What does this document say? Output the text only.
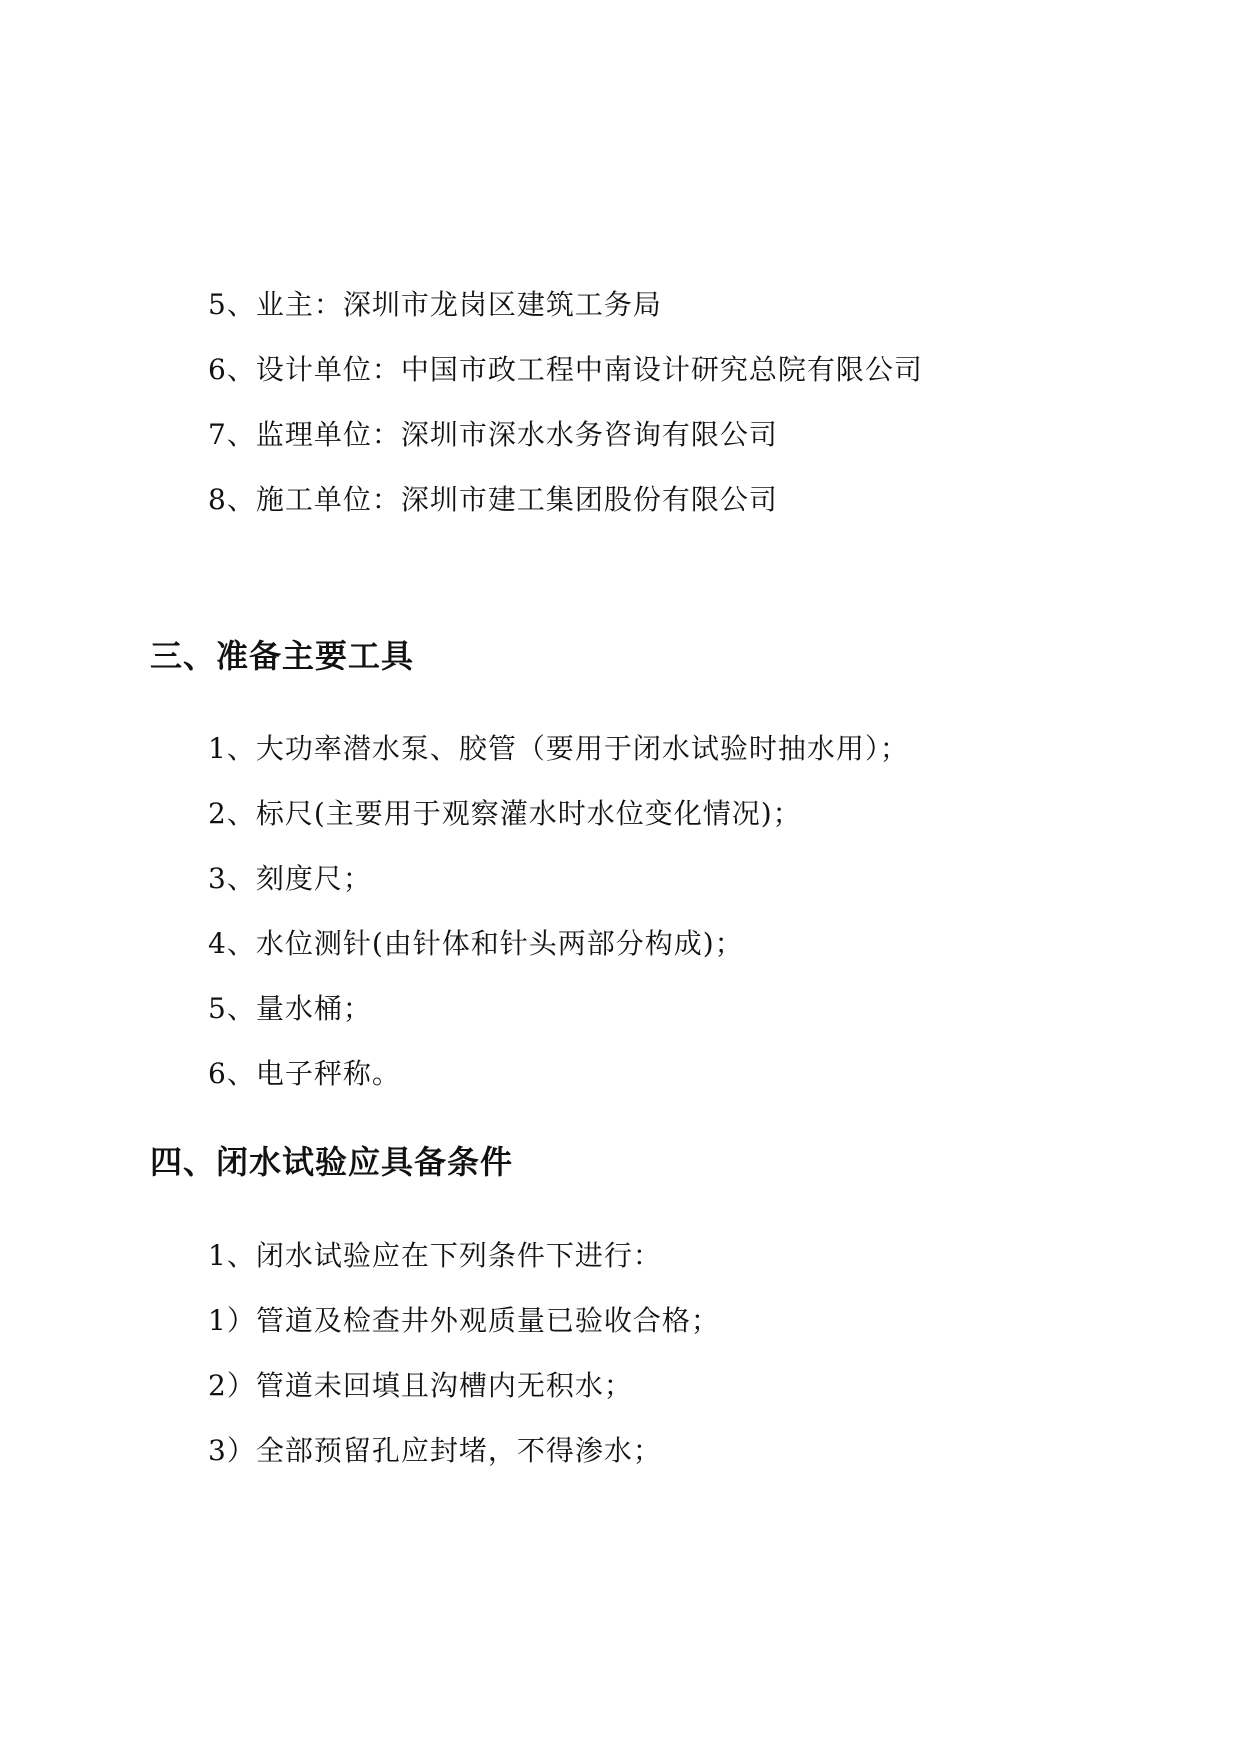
5、业主：深圳市龙岗区建筑工务局
6、设计单位：中国市政工程中南设计研究总院有限公司
7、监理单位：深圳市深水水务咨询有限公司
8、施工单位：深圳市建工集团股份有限公司
三、准备主要工具
1、大功率潜水泵、胶管（要用于闭水试验时抽水用）；
2、标尺(主要用于观察灌水时水位变化情况)；
3、刻度尺；
4、水位测针(由针体和针头两部分构成)；
5、量水桶；
6、电子秤称。
四、闭水试验应具备条件
1、闭水试验应在下列条件下进行：
1）管道及检查井外观质量已验收合格；
2）管道未回填且沟槽内无积水；
3）全部预留孔应封堵，不得渗水；
